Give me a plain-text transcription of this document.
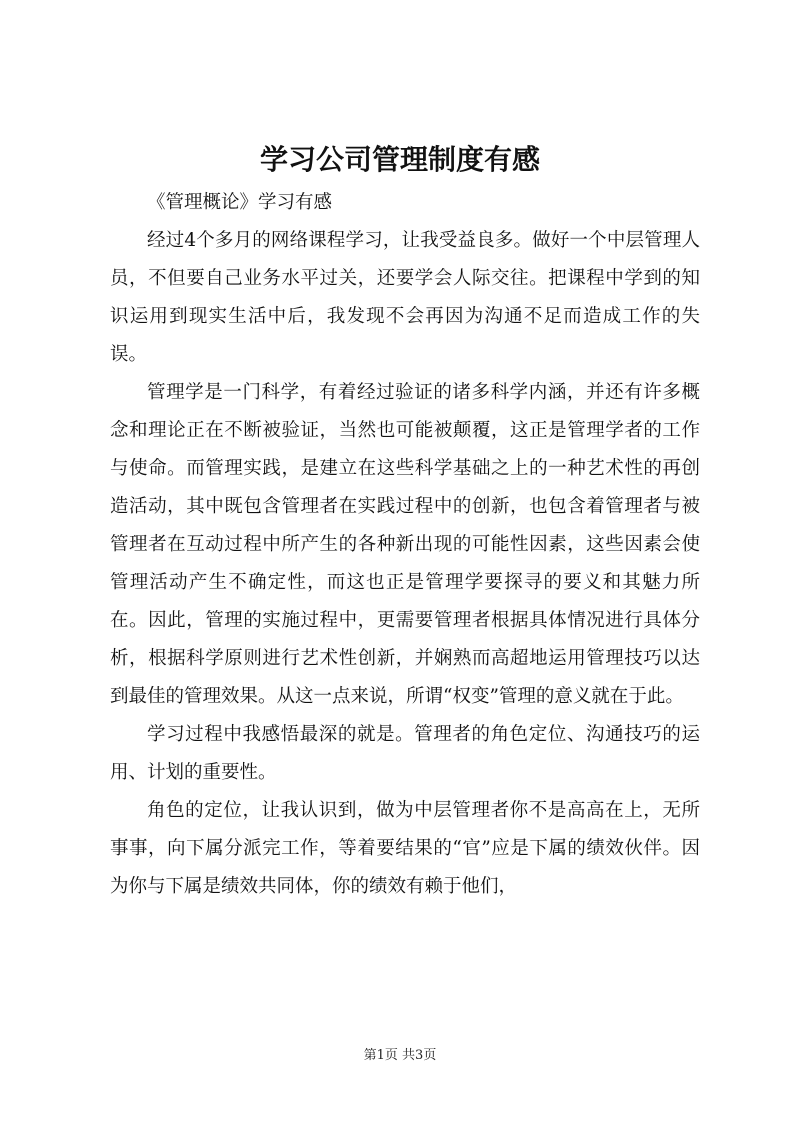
学习公司管理制度有感

《管理概论》学习有感

经过4个多月的网络课程学习，让我受益良多。做好一个中层管理人员，不但要自己业务水平过关，还要学会人际交往。把课程中学到的知识运用到现实生活中后，我发现不会再因为沟通不足而造成工作的失误。

管理学是一门科学，有着经过验证的诸多科学内涵，并还有许多概念和理论正在不断被验证，当然也可能被颠覆，这正是管理学者的工作与使命。而管理实践，是建立在这些科学基础之上的一种艺术性的再创造活动，其中既包含管理者在实践过程中的创新，也包含着管理者与被管理者在互动过程中所产生的各种新出现的可能性因素，这些因素会使管理活动产生不确定性，而这也正是管理学要探寻的要义和其魅力所在。因此，管理的实施过程中，更需要管理者根据具体情况进行具体分析，根据科学原则进行艺术性创新，并娴熟而高超地运用管理技巧以达到最佳的管理效果。从这一点来说，所谓“权变”管理的意义就在于此。

学习过程中我感悟最深的就是。管理者的角色定位、沟通技巧的运用、计划的重要性。

角色的定位，让我认识到，做为中层管理者你不是高高在上，无所事事，向下属分派完工作，等着要结果的“官”应是下属的绩效伙伴。因为你与下属是绩效共同体，你的绩效有赖于他们，

第1页 共3页
